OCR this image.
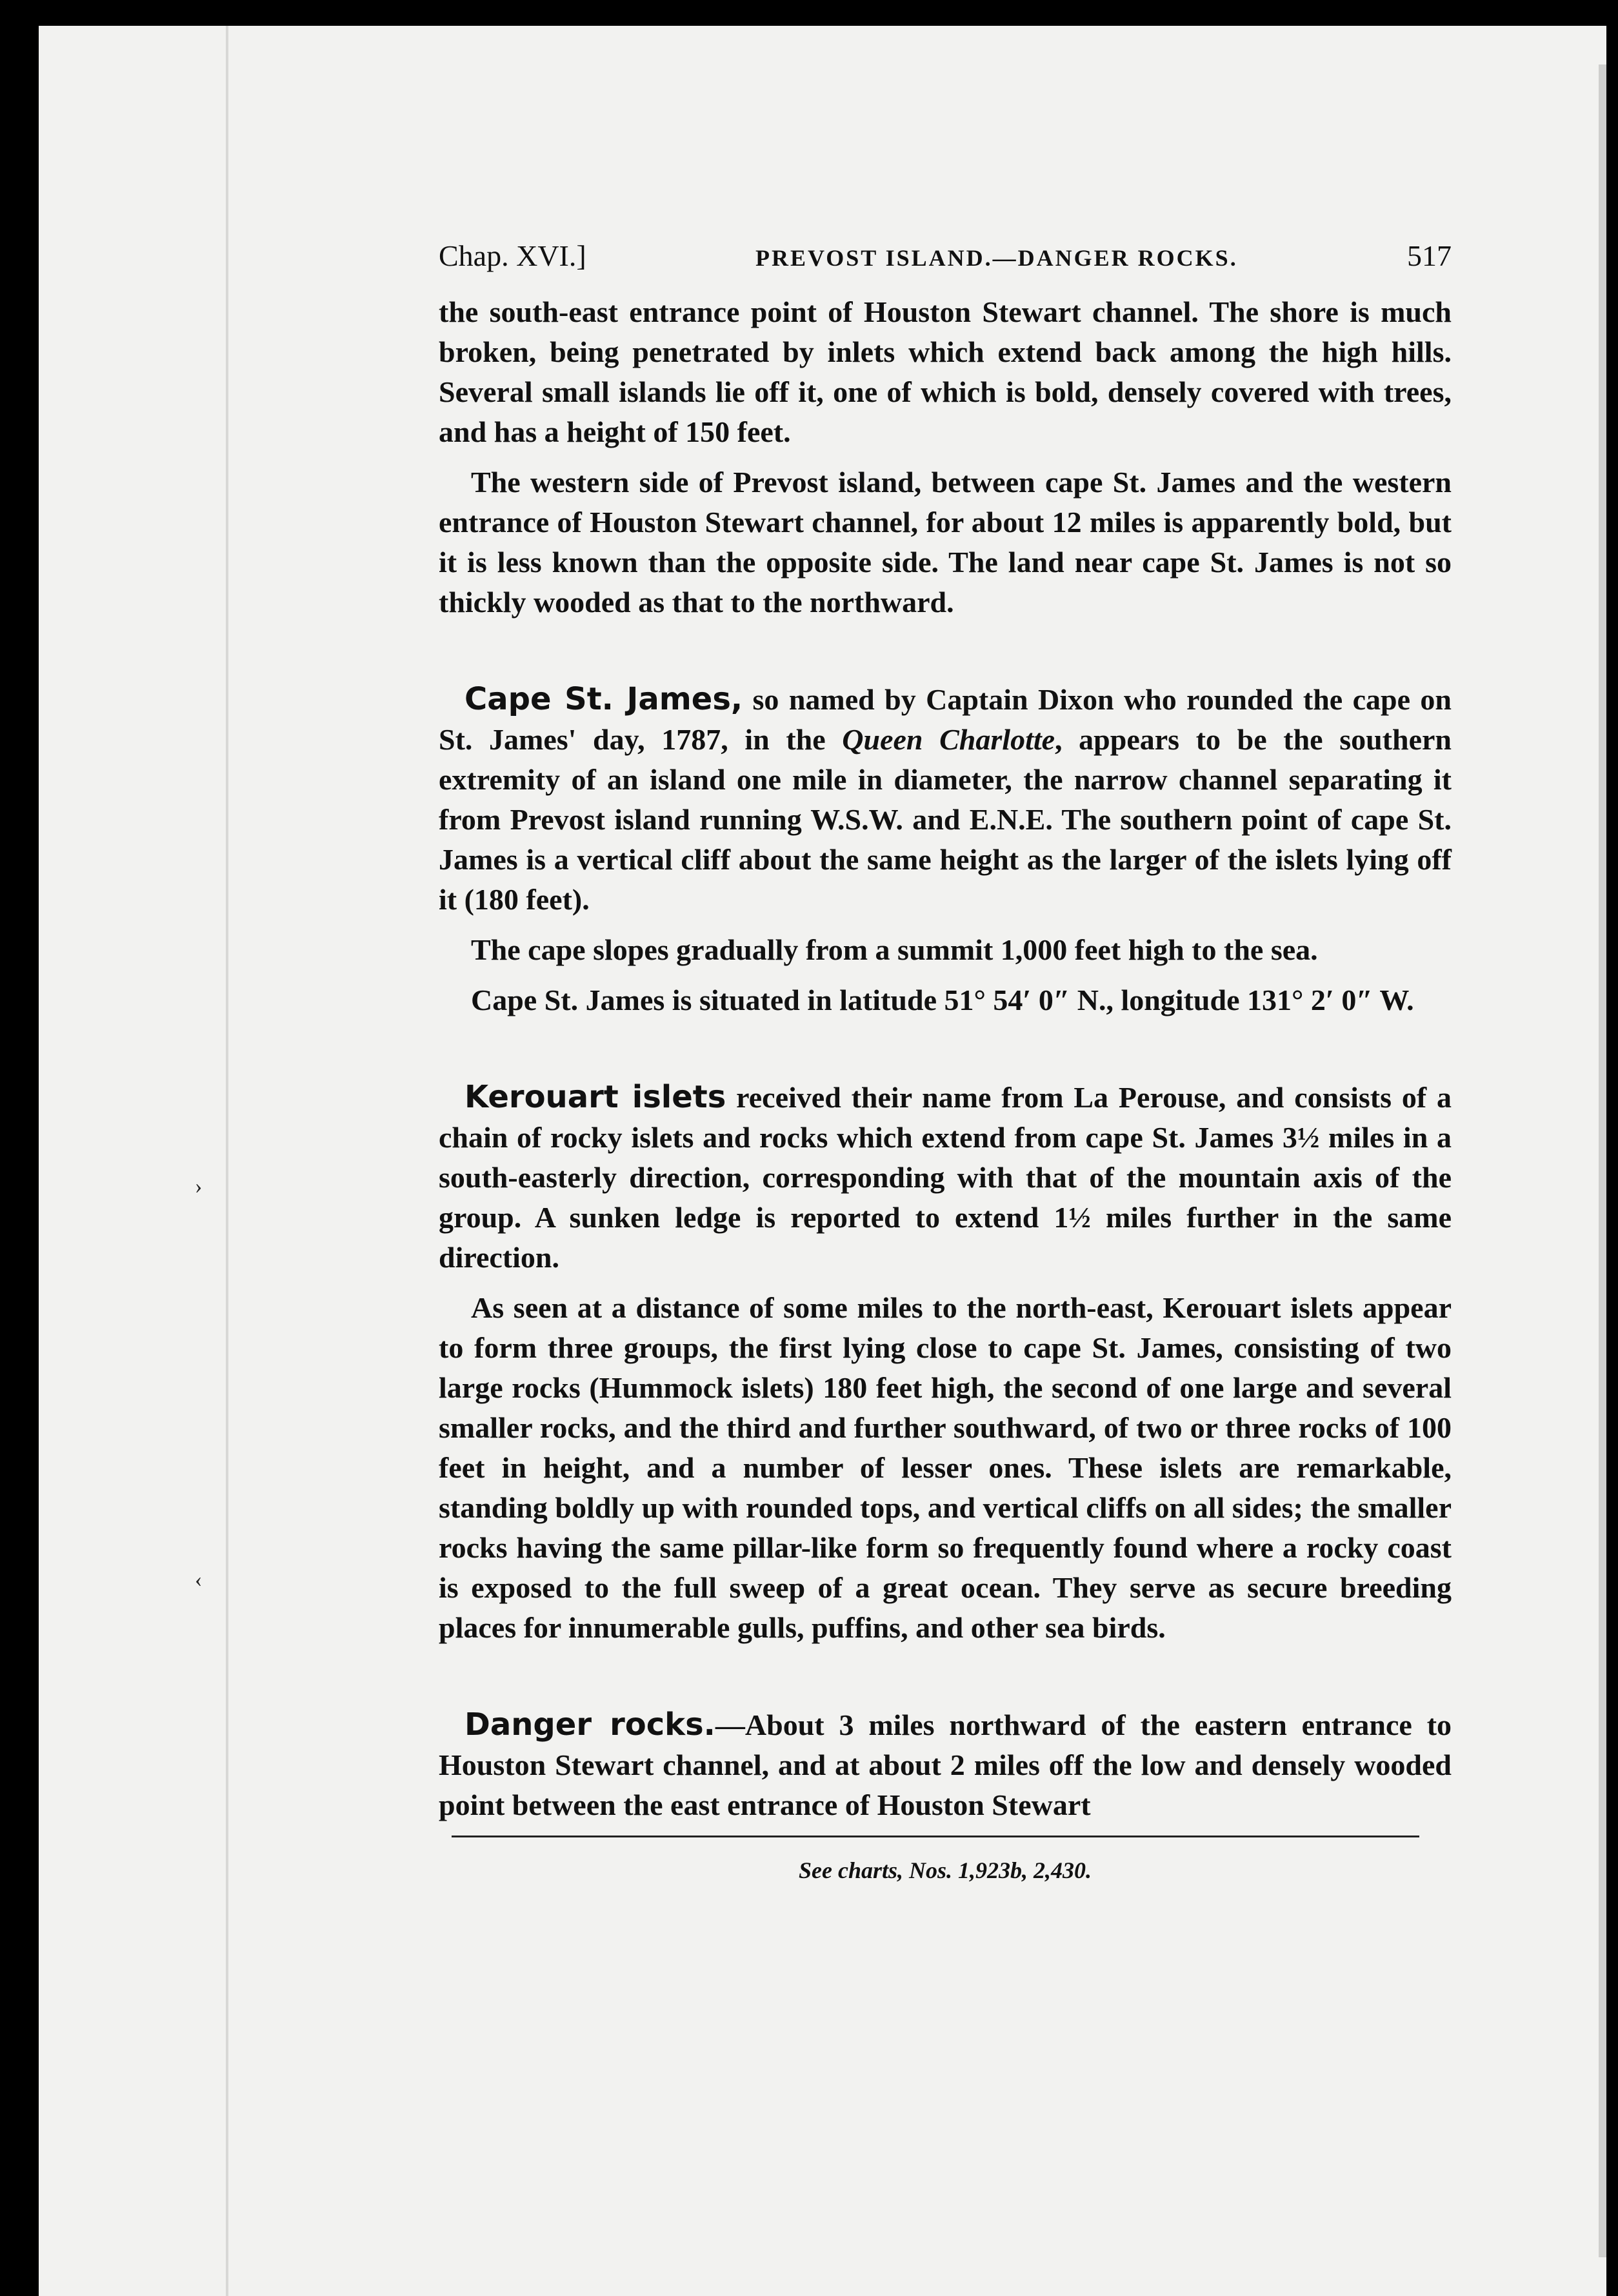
›
‹
Chap. XVI.]	PREVOST ISLAND.—DANGER ROCKS.	517

the south-east entrance point of Houston Stewart channel. The shore is much broken, being penetrated by inlets which extend back among the high hills. Several small islands lie off it, one of which is bold, densely covered with trees, and has a height of 150 feet.

The western side of Prevost island, between cape St. James and the western entrance of Houston Stewart channel, for about 12 miles is apparently bold, but it is less known than the opposite side. The land near cape St. James is not so thickly wooded as that to the northward.

Cape St. James, so named by Captain Dixon who rounded the cape on St. James' day, 1787, in the Queen Charlotte, appears to be the southern extremity of an island one mile in diameter, the narrow channel separating it from Prevost island running W.S.W. and E.N.E. The southern point of cape St. James is a vertical cliff about the same height as the larger of the islets lying off it (180 feet).

The cape slopes gradually from a summit 1,000 feet high to the sea.

Cape St. James is situated in latitude 51° 54′ 0″ N., longitude 131° 2′ 0″ W.

Kerouart islets received their name from La Perouse, and consists of a chain of rocky islets and rocks which extend from cape St. James 3½ miles in a south-easterly direction, corresponding with that of the mountain axis of the group. A sunken ledge is reported to extend 1½ miles further in the same direction.

As seen at a distance of some miles to the north-east, Kerouart islets appear to form three groups, the first lying close to cape St. James, consisting of two large rocks (Hummock islets) 180 feet high, the second of one large and several smaller rocks, and the third and further southward, of two or three rocks of 100 feet in height, and a number of lesser ones. These islets are remarkable, standing boldly up with rounded tops, and vertical cliffs on all sides; the smaller rocks having the same pillar-like form so frequently found where a rocky coast is exposed to the full sweep of a great ocean. They serve as secure breeding places for innumerable gulls, puffins, and other sea birds.

Danger rocks.—About 3 miles northward of the eastern entrance to Houston Stewart channel, and at about 2 miles off the low and densely wooded point between the east entrance of Houston Stewart

See charts, Nos. 1,923b, 2,430.
